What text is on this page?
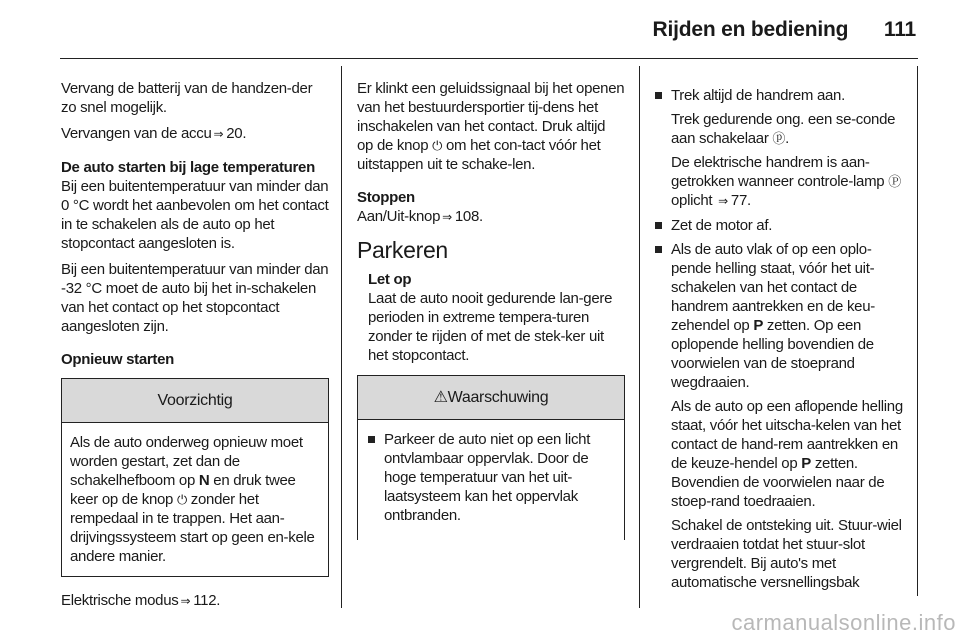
Rijden en bediening 111

Vervang de batterij van de handzen-der zo snel mogelijk.

Vervangen van de accu ⇒ 20.

De auto starten bij lage temperaturen

Bij een buitentemperatuur van minder dan 0 °C wordt het aanbevolen om het contact in te schakelen als de auto op het stopcontact aangesloten is.

Bij een buitentemperatuur van minder dan -32 °C moet de auto bij het in-schakelen van het contact op het stopcontact aangesloten zijn.

Opnieuw starten

Voorzichtig
Als de auto onderweg opnieuw moet worden gestart, zet dan de schakelhefboom op N en druk twee keer op de knop ⏻ zonder het rempedaal in te trappen. Het aan-drijvingssysteem start op geen en-kele andere manier.

Elektrische modus ⇒ 112.

Er klinkt een geluidssignaal bij het openen van het bestuurdersportier tij-dens het inschakelen van het contact. Druk altijd op de knop ⏻ om het con-tact vóór het uitstappen uit te schake-len.

Stoppen

Aan/Uit-knop ⇒ 108.

Parkeren
Let op

Laat de auto nooit gedurende lan-gere perioden in extreme tempera-turen zonder te rijden of met de stek-ker uit het stopcontact.

⚠Waarschuwing
Parkeer de auto niet op een licht ontvlambaar oppervlak. Door de hoge temperatuur van het uit-laatsysteem kan het oppervlak ontbranden.
Trek altijd de handrem aan.
Trek gedurende ong. een se-conde aan schakelaar ⓟ.
De elektrische handrem is aan-getrokken wanneer controle-lamp Ⓟ oplicht ⇒ 77.
Zet de motor af.
Als de auto vlak of op een oplo-pende helling staat, vóór het uit-schakelen van het contact de handrem aantrekken en de keu-zehendel op P zetten. Op een oplopende helling bovendien de voorwielen van de stoeprand wegdraaien.
Als de auto op een aflopende helling staat, vóór het uitscha-kelen van het contact de hand-rem aantrekken en de keuze-hendel op P zetten. Bovendien de voorwielen naar de stoep-rand toedraaien.
Schakel de ontsteking uit. Stuur-wiel verdraaien totdat het stuur-slot vergrendelt. Bij auto's met automatische versnellingsbak
carmanualsonline.info
